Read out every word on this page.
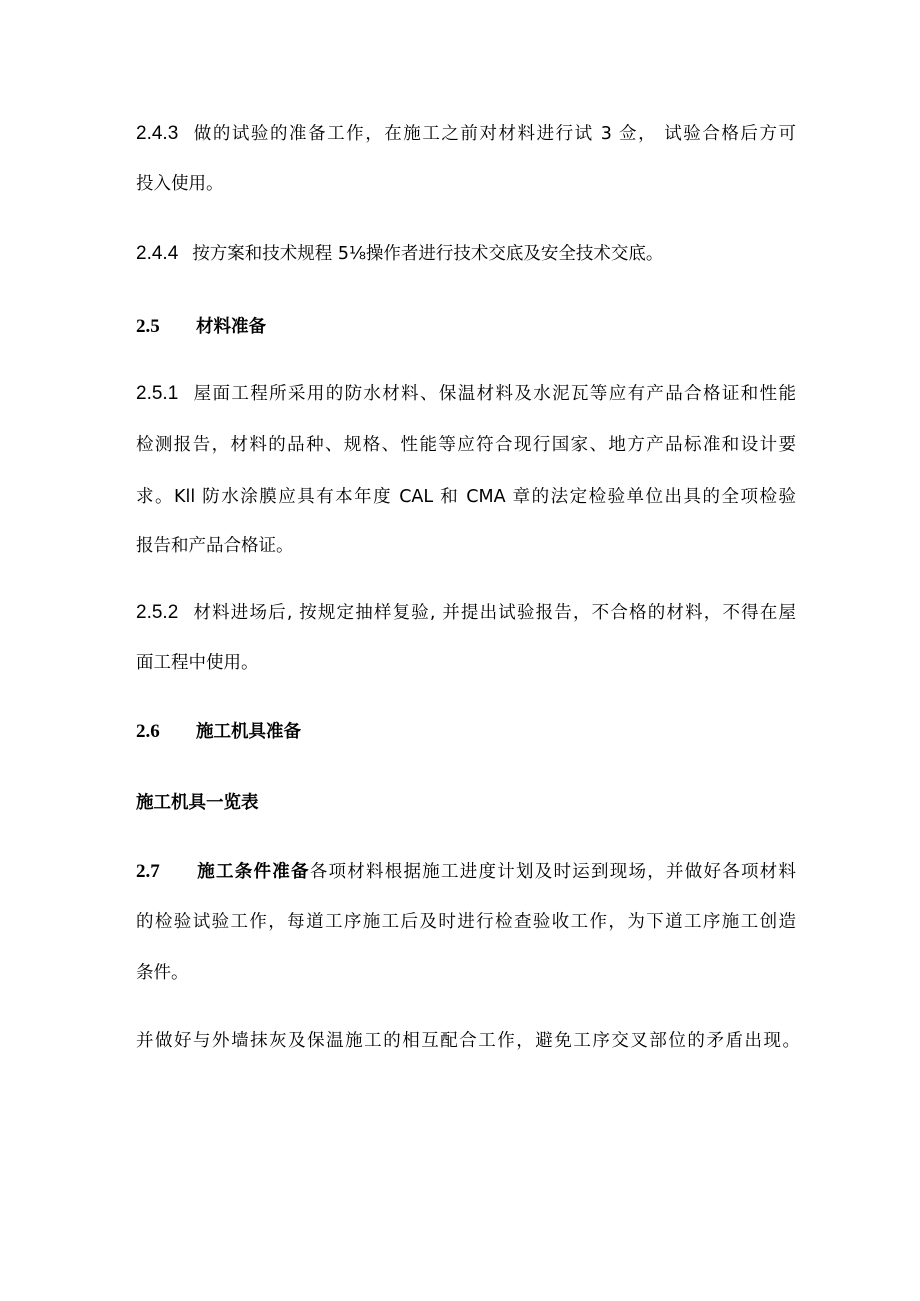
2.4.3 做的试验的准备工作，在施工之前对材料进行试 3 佥， 试验合格后方可
投入使用。
2.4.4 按方案和技术规程 5⅛操作者进行技术交底及安全技术交底。
2.5 材料准备
2.5.1 屋面工程所采用的防水材料、保温材料及水泥瓦等应有产品合格证和性能
检测报告，材料的品种、规格、性能等应符合现行国家、地方产品标准和设计要
求。Kll 防水涂膜应具有本年度 CAL 和 CMA 章的法定检验单位出具的全项检验
报告和产品合格证。
2.5.2 材料进场后, 按规定抽样复验, 并提出试验报告，不合格的材料，不得在屋
面工程中使用。
2.6 施工机具准备
施工机具一览表
2.7 施工条件准备各项材料根据施工进度计划及时运到现场，并做好各项材料
的检验试验工作，每道工序施工后及时进行检查验收工作，为下道工序施工创造
条件。
并做好与外墙抹灰及保温施工的相互配合工作，避免工序交叉部位的矛盾出现。
